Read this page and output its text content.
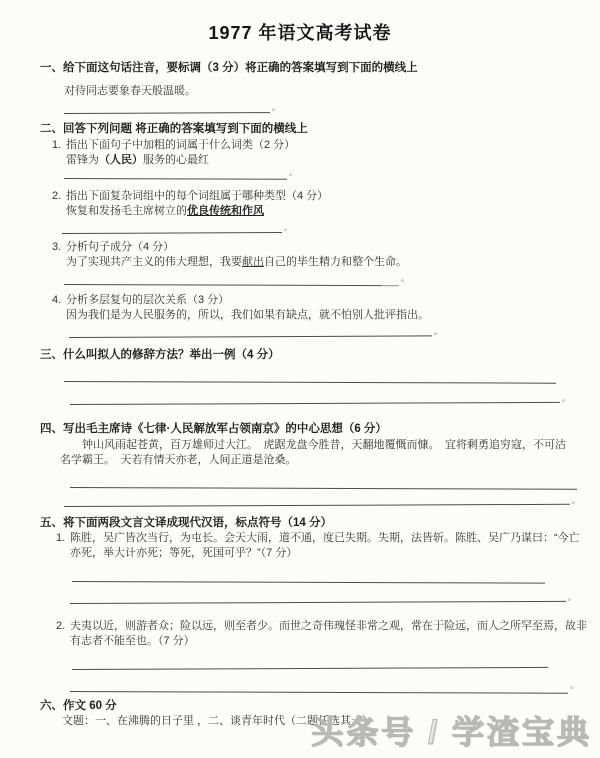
1977 年语文高考试卷
一、给下面这句话注音，要标调（3 分）将正确的答案填写到下面的横线上
对待同志要象春天般温暖。
。
二、回答下列问题 将正确的答案填写到下面的横线上
1. 指出下面句子中加粗的词属于什么词类（2 分）
雷锋为（人民）服务的心最红
。
2. 指出下面复杂词组中的每个词组属于哪种类型（4 分）
恢复和发扬毛主席树立的优良传统和作风
。
3. 分析句子成分（4 分）
为了实现共产主义的伟大理想，我要献出自己的毕生精力和整个生命。
。
4. 分析多层复句的层次关系（3 分）
因为我们是为人民服务的，所以，我们如果有缺点，就不怕别人批评指出。
。
三、什么叫拟人的修辞方法？举出一例（4 分）
。
四、写出毛主席诗《七律·人民解放军占领南京》的中心思想（6 分）
钟山风雨起苍黄，百万雄师过大江。　虎踞龙盘今胜昔，天翻地覆慨而慷。　宜将剩勇追穷寇，不可沽名学霸王。　天若有情天亦老，人间正道是沧桑。
。
五、将下面两段文言文译成现代汉语，标点符号（14 分）
1. 陈胜，吴广皆次当行，为屯长。会天大雨，道不通，度已失期。失期，法皆斩。陈胜、吴广乃谋曰：“今亡亦死，举大计亦死；等死，死国可乎？”（7 分）
。
2. 夫夷以近，则游者众；险以远，则至者少。而世之奇伟瑰怪非常之观，常在于险远，而人之所罕至焉，故非有志者不能至也。（7 分）
。
六、作文 60 分
文题：一、在沸腾的日子里 ，二、谈青年时代（二题任选其一）
头条号 / 学渣宝典
